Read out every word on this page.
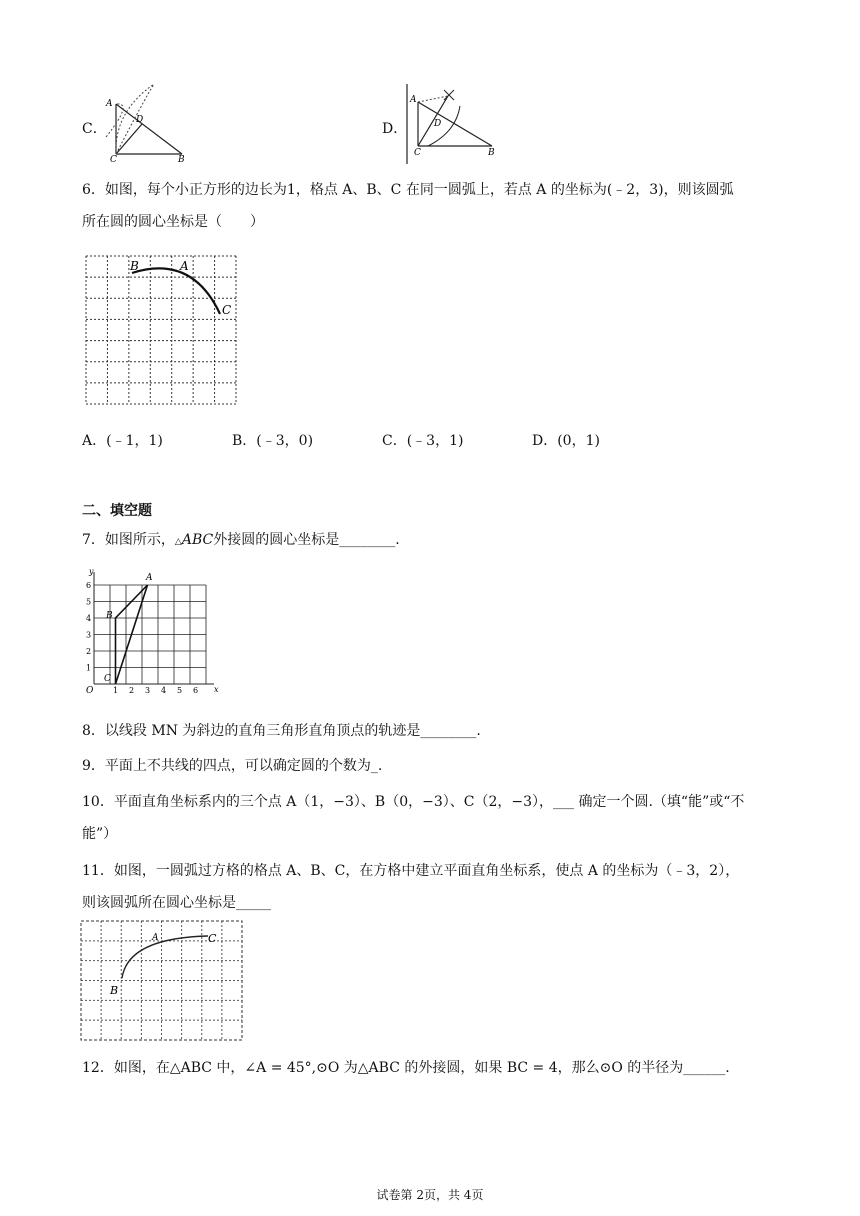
C．
A
D
C	B
D．
A
D
C	B
6．如图，每个小正方形的边长为1，格点 A、B、C 在同一圆弧上，若点 A 的坐标为(﹣2，3)，则该圆弧
所在圆的圆心坐标是（　　）
B	A
C
A．(﹣1，1)	B．(﹣3，0)	C．(﹣3，1)	D．(0，1)
二、填空题
7．如图所示，△ABC外接圆的圆心坐标是________.
y
x
O 1 2 3 4 5 6
1
2
3
4
5
6
A
B
C
8．以线段 MN 为斜边的直角三角形直角顶点的轨迹是________.
9．平面上不共线的四点，可以确定圆的个数为_.
10．平面直角坐标系内的三个点 A（1，−3）、B（0，−3）、C（2，−3），___ 确定一个圆.（填“能”或“不
能”）
11．如图，一圆弧过方格的格点 A、B、C，在方格中建立平面直角坐标系，使点 A 的坐标为（﹣3，2），
则该圆弧所在圆心坐标是_____
A	C
B
12．如图，在△ABC 中，∠A = 45°,⊙O 为△ABC 的外接圆，如果 BC = 4，那么⊙O 的半径为______.
试卷第 2页，共 4页
